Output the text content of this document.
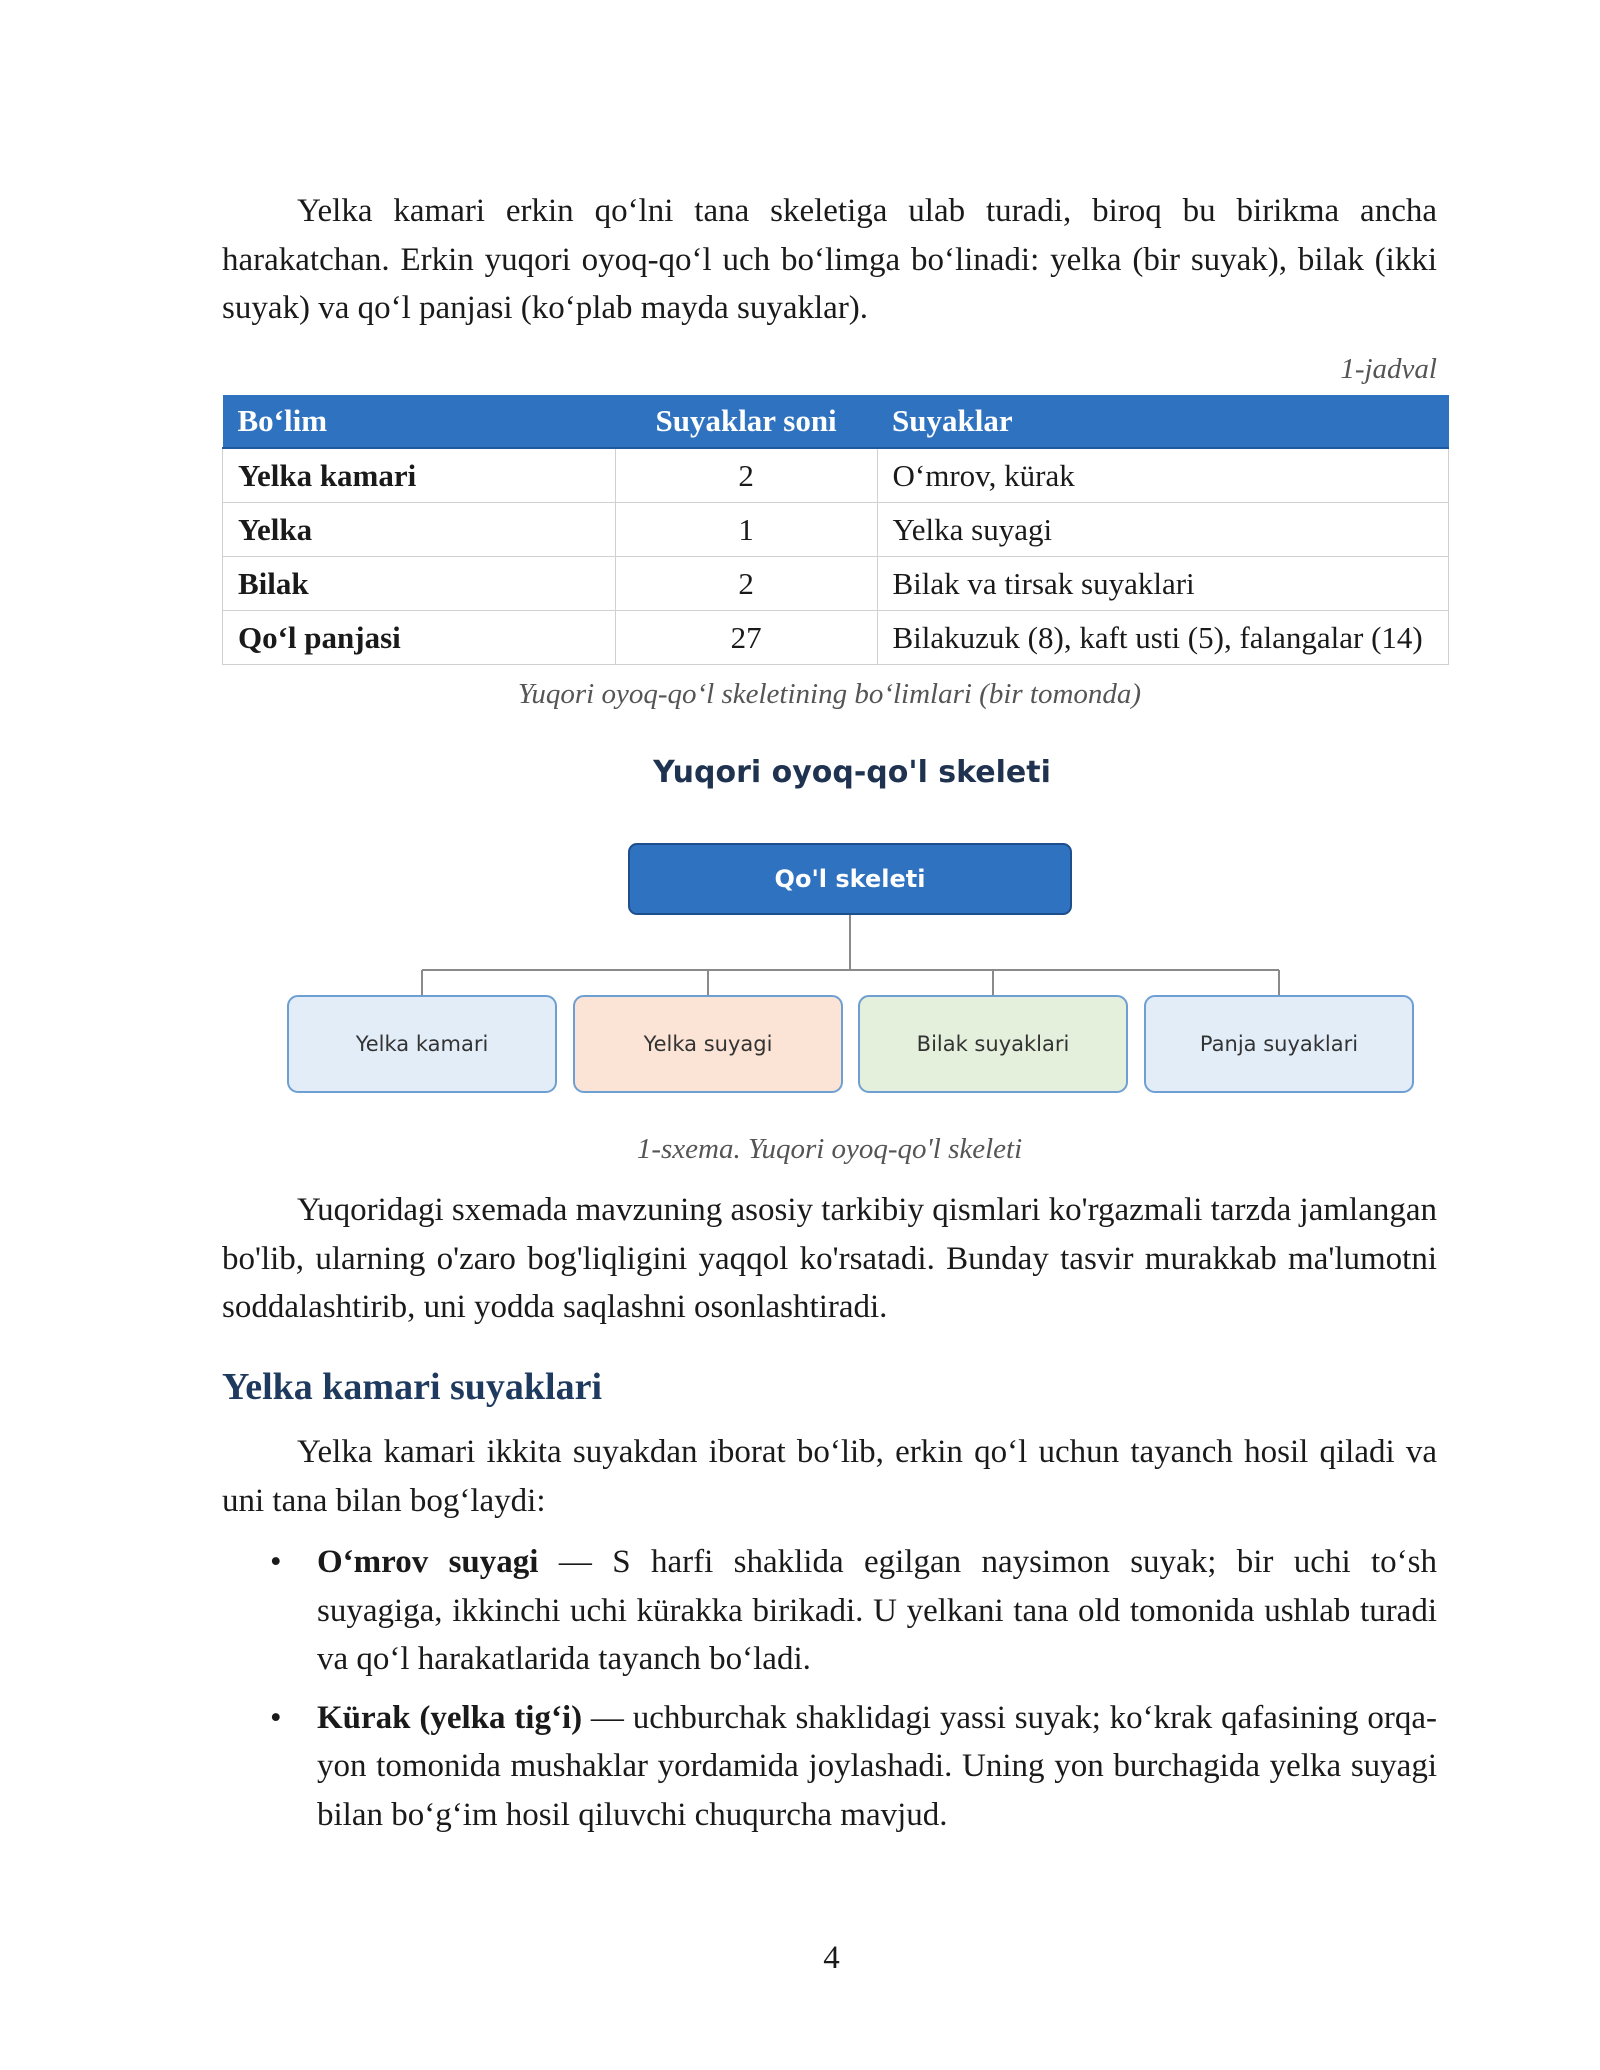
Yelka kamari erkin qo‘lni tana skeletiga ulab turadi, biroq bu birikma ancha harakatchan. Erkin yuqori oyoq-qo‘l uch bo‘limga bo‘linadi: yelka (bir suyak), bilak (ikki suyak) va qo‘l panjasi (ko‘plab mayda suyaklar).

1-jadval

Bo‘lim	Suyaklar soni	Suyaklar
Yelka kamari	2	O‘mrov, kürak
Yelka	1	Yelka suyagi
Bilak	2	Bilak va tirsak suyaklari
Qo‘l panjasi	27	Bilakuzuk (8), kaft usti (5), falangalar (14)

Yuqori oyoq-qo‘l skeletining bo‘limlari (bir tomonda)

Yuqori oyoq-qo'l skeleti

Qo'l skeleti
Yelka kamari	Yelka suyagi	Bilak suyaklari	Panja suyaklari

1-sxema. Yuqori oyoq-qo'l skeleti

Yuqoridagi sxemada mavzuning asosiy tarkibiy qismlari ko'rgazmali tarzda jamlangan bo'lib, ularning o'zaro bog'liqligini yaqqol ko'rsatadi. Bunday tasvir murakkab ma'lumotni soddalashtirib, uni yodda saqlashni osonlashtiradi.

Yelka kamari suyaklari

Yelka kamari ikkita suyakdan iborat bo‘lib, erkin qo‘l uchun tayanch hosil qiladi va uni tana bilan bog‘laydi:

• O‘mrov suyagi — S harfi shaklida egilgan naysimon suyak; bir uchi to‘sh suyagiga, ikkinchi uchi kürakka birikadi. U yelkani tana old tomonida ushlab turadi va qo‘l harakatlarida tayanch bo‘ladi.
• Kürak (yelka tig‘i) — uchburchak shaklidagi yassi suyak; ko‘krak qafasining orqa-yon tomonida mushaklar yordamida joylashadi. Uning yon burchagida yelka suyagi bilan bo‘g‘im hosil qiluvchi chuqurcha mavjud.

4
